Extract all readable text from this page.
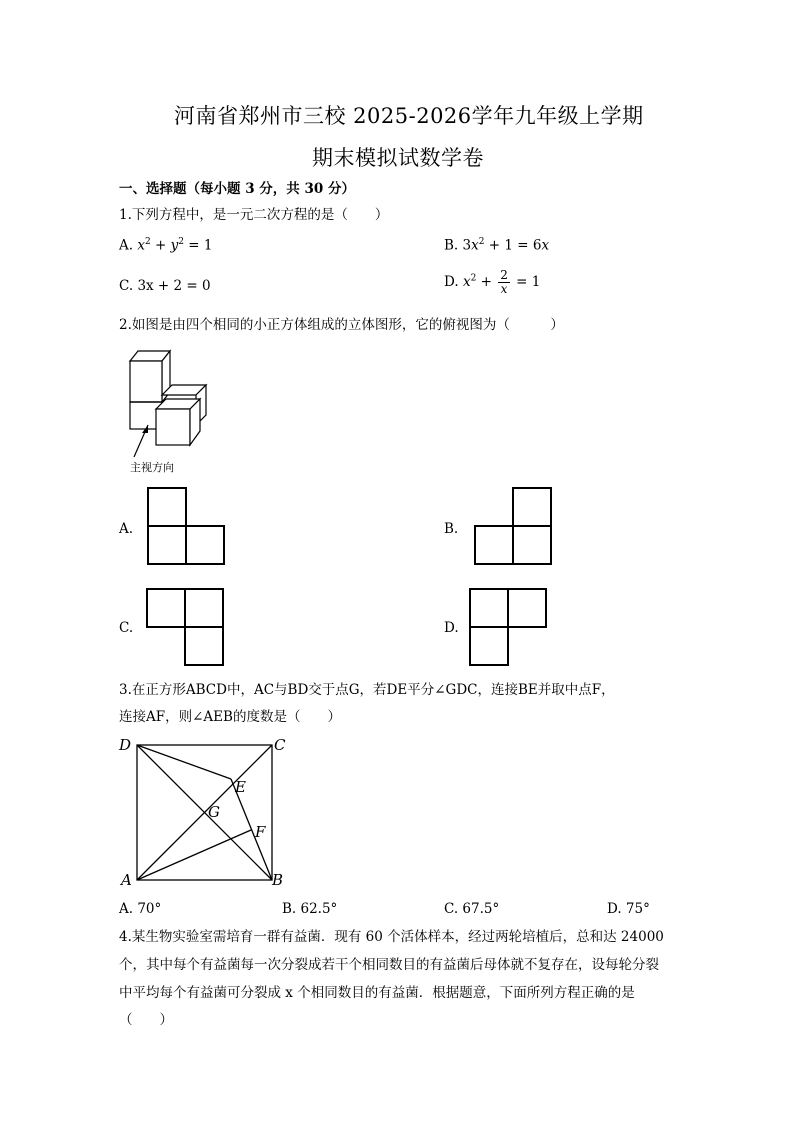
河南省郑州市三校 2025-2026学年九年级上学期
期末模拟试数学卷
一、选择题（每小题 3 分，共 30 分）
1.下列方程中，是一元二次方程的是（　　）
A. $x^2 + y^2 = 1$	B. $3x^2 + 1 = 6x$
C. 3x + 2 = 0	D. $x^2 + \frac{2}{x} = 1$
2.如图是由四个相同的小正方体组成的立体图形，它的俯视图为（　　　）
主视方向
A.	B.
C.	D.
3.在正方形ABCD中，AC与BD交于点G，若DE平分∠GDC，连接BE并取中点F，
连接AF，则∠AEB的度数是（　　）
D	C
E
G
F
A	B
A. 70°	B. 62.5°	C. 67.5°	D. 75°
4.某生物实验室需培育一群有益菌．现有 60 个活体样本，经过两轮培植后，总和达 24000
个，其中每个有益菌每一次分裂成若干个相同数目的有益菌后母体就不复存在，设每轮分裂
中平均每个有益菌可分裂成 x 个相同数目的有益菌．根据题意，下面所列方程正确的是
（　　）
